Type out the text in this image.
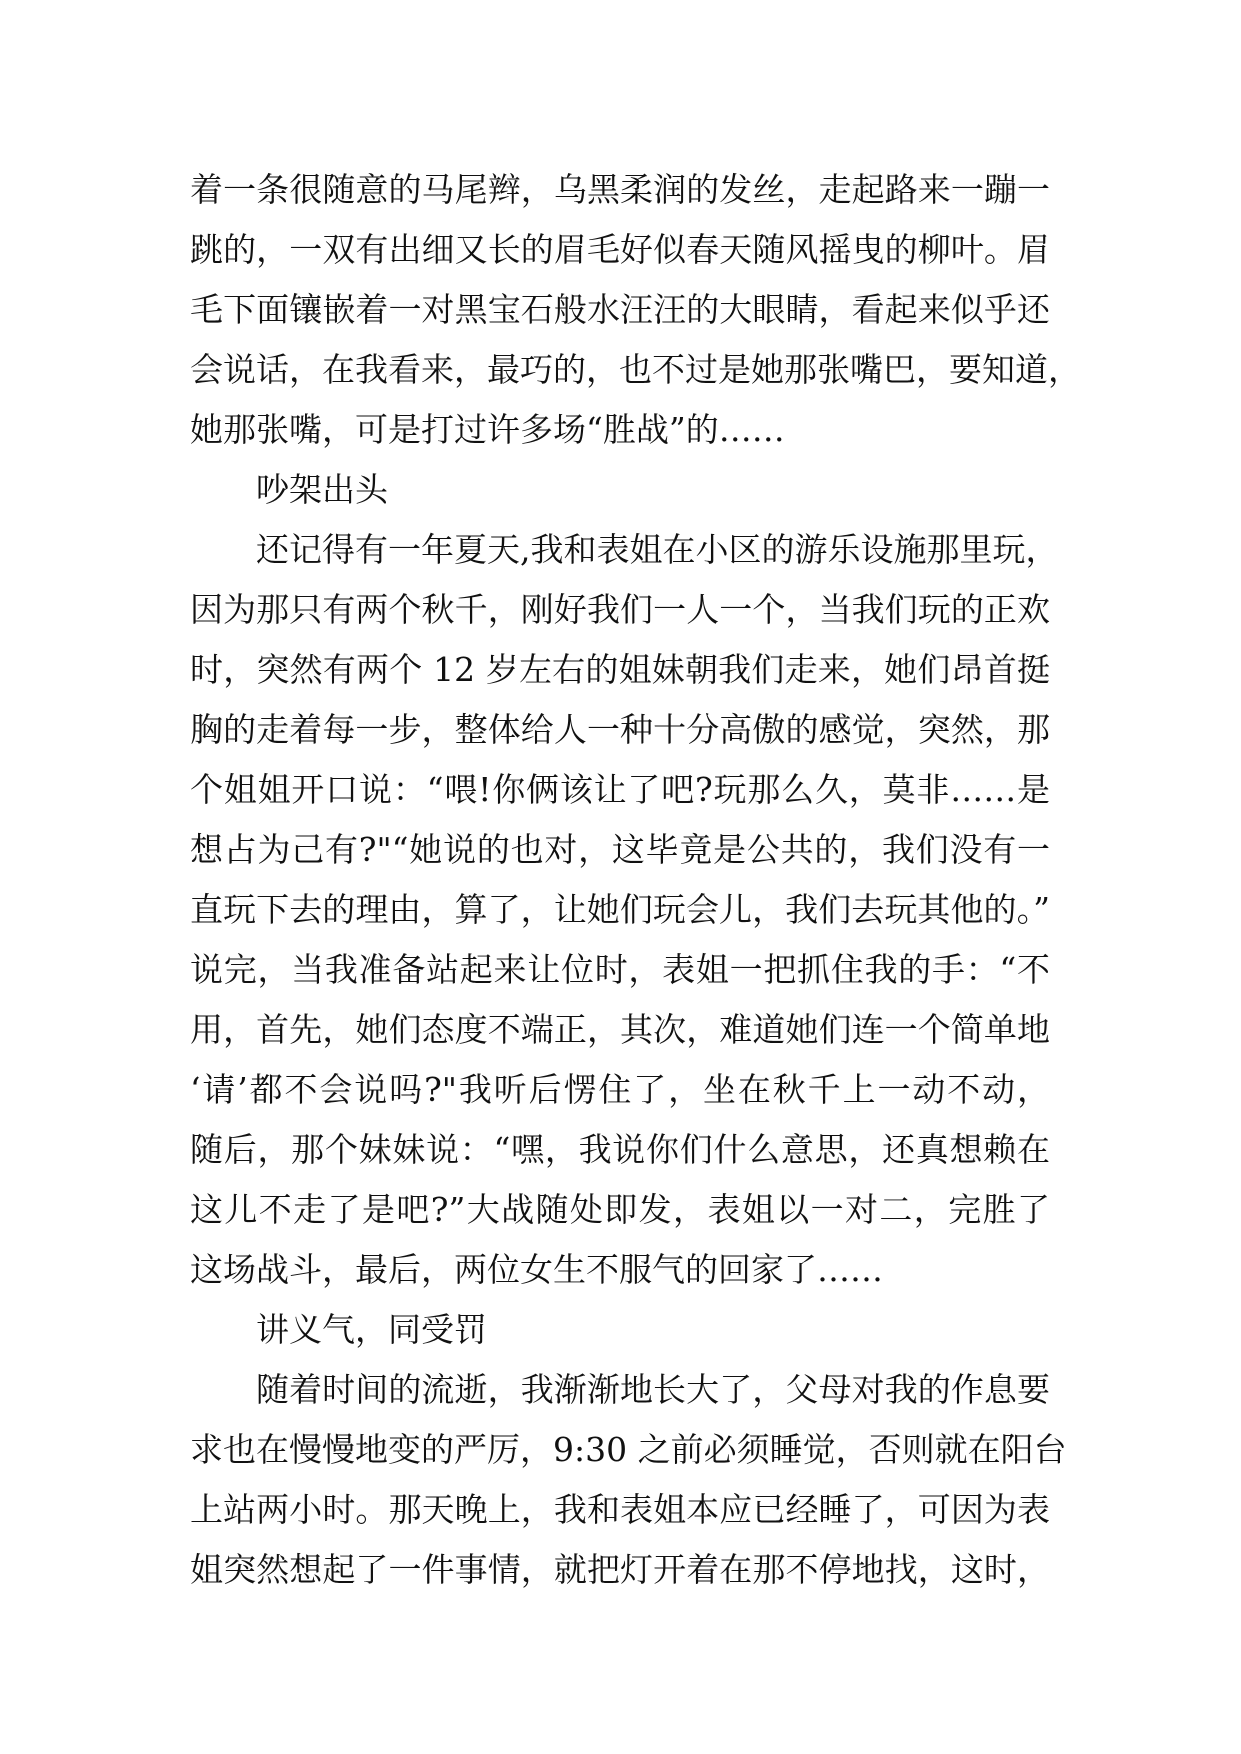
着一条很随意的马尾辫，乌黑柔润的发丝，走起路来一蹦一
跳的，一双有出细又长的眉毛好似春天随风摇曳的柳叶。眉
毛下面镶嵌着一对黑宝石般水汪汪的大眼睛，看起来似乎还
会说话，在我看来，最巧的，也不过是她那张嘴巴，要知道，
她那张嘴，可是打过许多场“胜战”的……
吵架出头
还记得有一年夏天,我和表姐在小区的游乐设施那里玩，
因为那只有两个秋千，刚好我们一人一个，当我们玩的正欢
时，突然有两个 12 岁左右的姐妹朝我们走来，她们昂首挺
胸的走着每一步，整体给人一种十分高傲的感觉，突然，那
个姐姐开口说：“喂!你俩该让了吧?玩那么久，莫非……是
想占为己有?"“她说的也对，这毕竟是公共的，我们没有一
直玩下去的理由，算了，让她们玩会儿，我们去玩其他的。”
说完，当我准备站起来让位时，表姐一把抓住我的手：“不
用，首先，她们态度不端正，其次，难道她们连一个简单地
‘请’都不会说吗?"我听后愣住了，坐在秋千上一动不动，
随后，那个妹妹说：“嘿，我说你们什么意思，还真想赖在
这儿不走了是吧?”大战随处即发，表姐以一对二，完胜了
这场战斗，最后，两位女生不服气的回家了……
讲义气，同受罚
随着时间的流逝，我渐渐地长大了，父母对我的作息要
求也在慢慢地变的严厉，9:30 之前必须睡觉，否则就在阳台
上站两小时。那天晚上，我和表姐本应已经睡了，可因为表
姐突然想起了一件事情，就把灯开着在那不停地找，这时，
